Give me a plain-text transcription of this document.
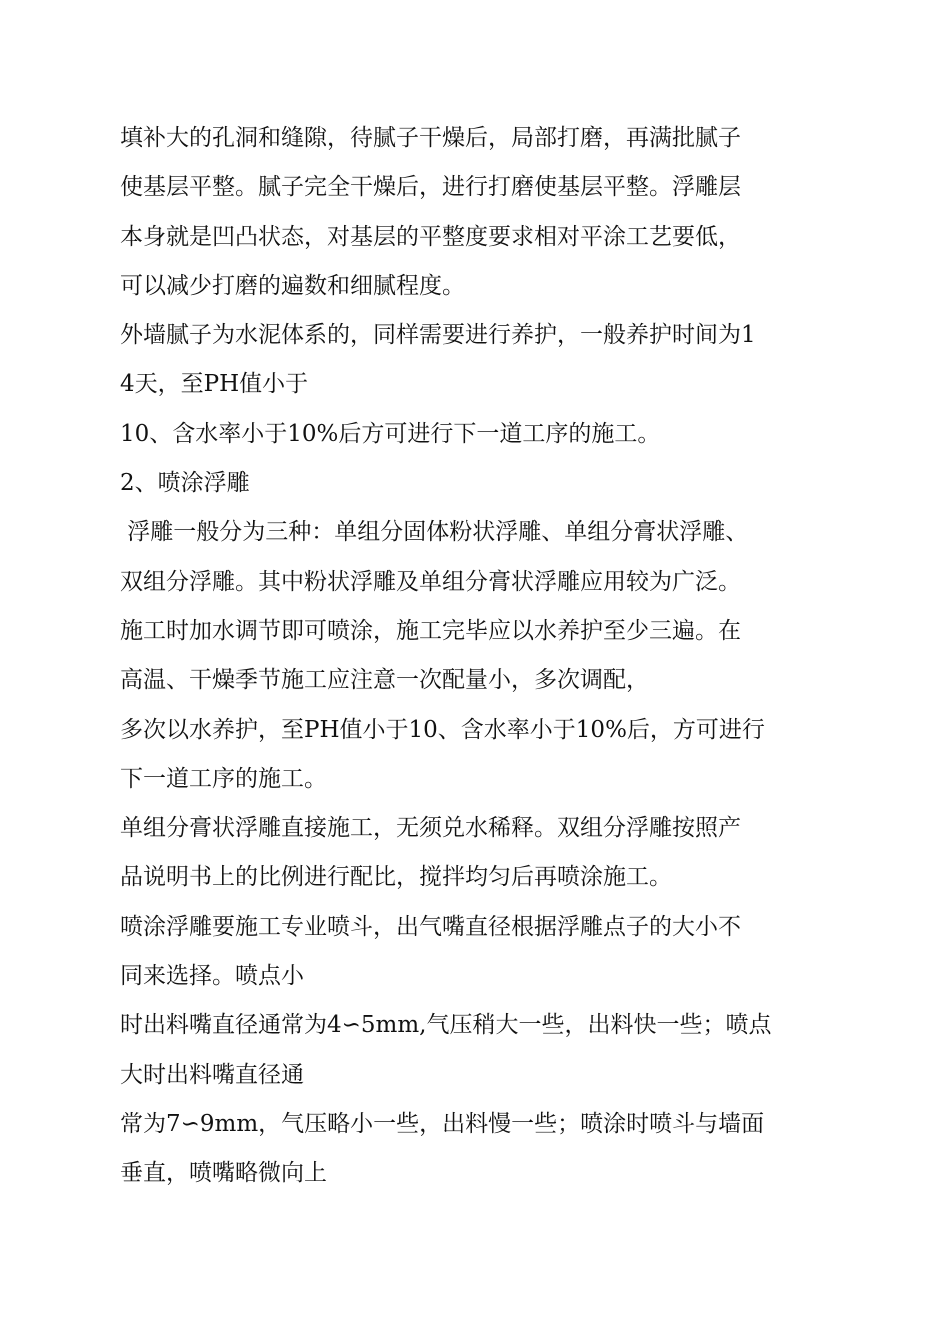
填补大的孔洞和缝隙，待腻子干燥后，局部打磨，再满批腻子
使基层平整。腻子完全干燥后，进行打磨使基层平整。浮雕层
本身就是凹凸状态，对基层的平整度要求相对平涂工艺要低，
可以减少打磨的遍数和细腻程度。
外墙腻子为水泥体系的，同样需要进行养护，一般养护时间为1
4天，至PH值小于
10、含水率小于10%后方可进行下一道工序的施工。
2、喷涂浮雕
浮雕一般分为三种：单组分固体粉状浮雕、单组分膏状浮雕、
双组分浮雕。其中粉状浮雕及单组分膏状浮雕应用较为广泛。
施工时加水调节即可喷涂，施工完毕应以水养护至少三遍。在
高温、干燥季节施工应注意一次配量小，多次调配，
多次以水养护，至PH值小于10、含水率小于10%后，方可进行
下一道工序的施工。
单组分膏状浮雕直接施工，无须兑水稀释。双组分浮雕按照产
品说明书上的比例进行配比，搅拌均匀后再喷涂施工。
喷涂浮雕要施工专业喷斗，出气嘴直径根据浮雕点子的大小不
同来选择。喷点小
时出料嘴直径通常为4∽5mm,气压稍大一些，出料快一些；喷点
大时出料嘴直径通
常为7∽9mm，气压略小一些，出料慢一些；喷涂时喷斗与墙面
垂直，喷嘴略微向上
